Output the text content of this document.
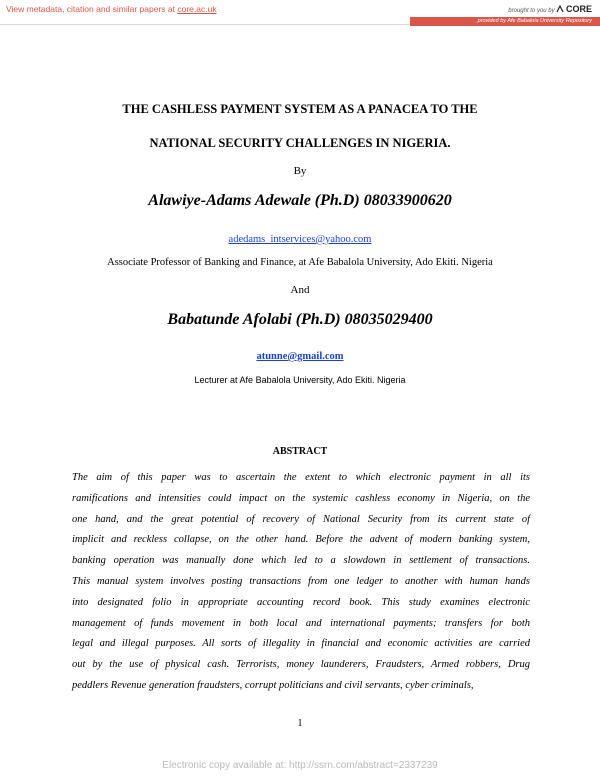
View metadata, citation and similar papers at core.ac.uk	brought to you by CORE
provided by Afe Babalola University Repository
THE CASHLESS PAYMENT SYSTEM AS A PANACEA TO THE
NATIONAL SECURITY CHALLENGES IN NIGERIA.
By
Alawiye-Adams Adewale (Ph.D) 08033900620
adedams_intservices@yahoo.com
Associate Professor of Banking and Finance, at Afe Babalola University, Ado Ekiti. Nigeria
And
Babatunde Afolabi (Ph.D) 08035029400
atunne@gmail.com
Lecturer at Afe Babalola University, Ado Ekiti. Nigeria
ABSTRACT
The aim of this paper was to ascertain the extent to which electronic payment in all its
ramifications and intensities could impact on the systemic cashless economy in Nigeria, on the
one hand, and the great potential of recovery of National Security from its current state of
implicit and reckless collapse, on the other hand. Before the advent of modern banking system,
banking operation was manually done which led to a slowdown in settlement of transactions.
This manual system involves posting transactions from one ledger to another with human hands
into designated folio in appropriate accounting record book. This study examines electronic
management of funds movement in both local and international payments; transfers for both
legal and illegal purposes. All sorts of illegality in financial and economic activities are carried
out by the use of physical cash. Terrorists, money launderers, Fraudsters, Armed robbers, Drug
peddlers Revenue generation fraudsters, corrupt politicians and civil servants, cyber criminals,
1
Electronic copy available at: http://ssrn.com/abstract=2337239
